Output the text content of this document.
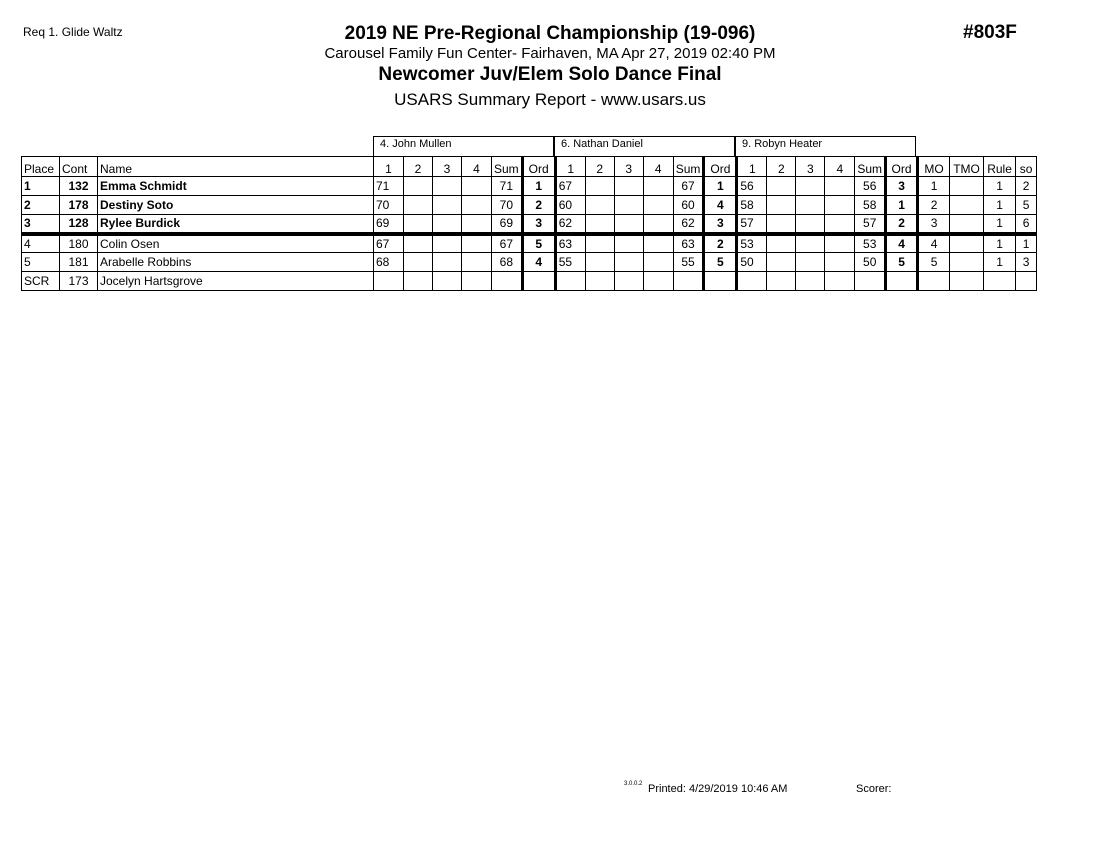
Req 1. Glide Waltz	#803F
2019 NE Pre-Regional Championship (19-096)
Carousel Family Fun Center- Fairhaven, MA Apr 27, 2019 02:40 PM
Newcomer Juv/Elem Solo Dance Final
USARS Summary Report - www.usars.us
4. John Mullen	6. Nathan Daniel	9. Robyn Heater
Place	Cont	Name	1	2	3	4	Sum	Ord	1	2	3	4	Sum	Ord	1	2	3	4	Sum	Ord	MO	TMO	Rule	so
1	132	Emma Schmidt	71				71	1	67				67	1	56				56	3	1		1	2
2	178	Destiny Soto	70				70	2	60				60	4	58				58	1	2		1	5
3	128	Rylee Burdick	69				69	3	62				62	3	57				57	2	3		1	6
4	180	Colin Osen	67				67	5	63				63	2	53				53	4	4		1	1
5	181	Arabelle Robbins	68				68	4	55				55	5	50				50	5	5		1	3
SCR	173	Jocelyn Hartsgrove																						
3.0.0.2 Printed: 4/29/2019 10:46 AM	Scorer:
